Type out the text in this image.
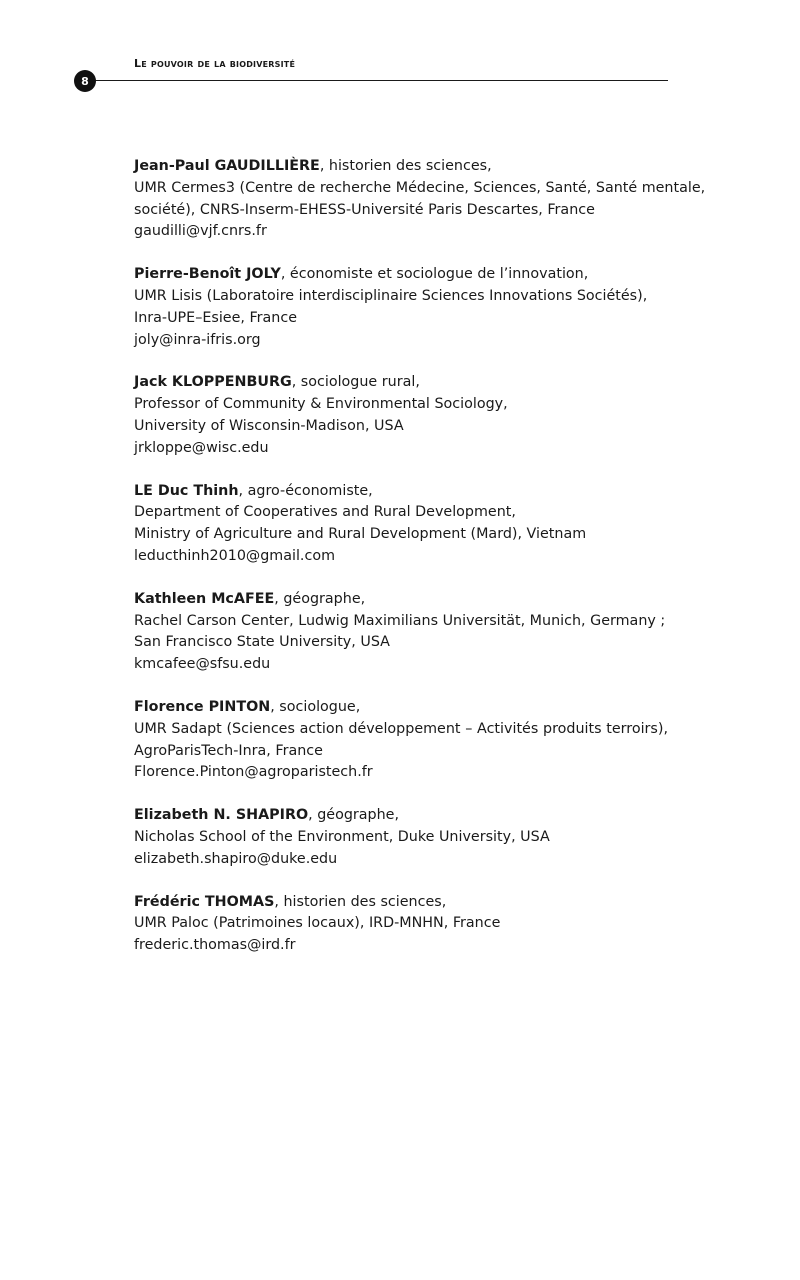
Le pouvoir de la biodiversité
8
Jean-Paul GAUDILLIÈRE, historien des sciences,
UMR Cermes3 (Centre de recherche Médecine, Sciences, Santé, Santé mentale,
société), CNRS-Inserm-EHESS-Université Paris Descartes, France
gaudilli@vjf.cnrs.fr
Pierre-Benoît JOLY, économiste et sociologue de l’innovation,
UMR Lisis (Laboratoire interdisciplinaire Sciences Innovations Sociétés),
Inra-UPE–Esiee, France
joly@inra-ifris.org
Jack KLOPPENBURG, sociologue rural,
Professor of Community & Environmental Sociology,
University of Wisconsin-Madison, USA
jrkloppe@wisc.edu
LE Duc Thinh, agro-économiste,
Department of Cooperatives and Rural Development,
Ministry of Agriculture and Rural Development (Mard), Vietnam
leducthinh2010@gmail.com
Kathleen McAFEE, géographe,
Rachel Carson Center, Ludwig Maximilians Universität, Munich, Germany ;
San Francisco State University, USA
kmcafee@sfsu.edu
Florence PINTON, sociologue,
UMR Sadapt (Sciences action développement – Activités produits terroirs),
AgroParisTech-Inra, France
Florence.Pinton@agroparistech.fr
Elizabeth N. SHAPIRO, géographe,
Nicholas School of the Environment, Duke University, USA
elizabeth.shapiro@duke.edu
Frédéric THOMAS, historien des sciences,
UMR Paloc (Patrimoines locaux), IRD-MNHN, France
frederic.thomas@ird.fr
